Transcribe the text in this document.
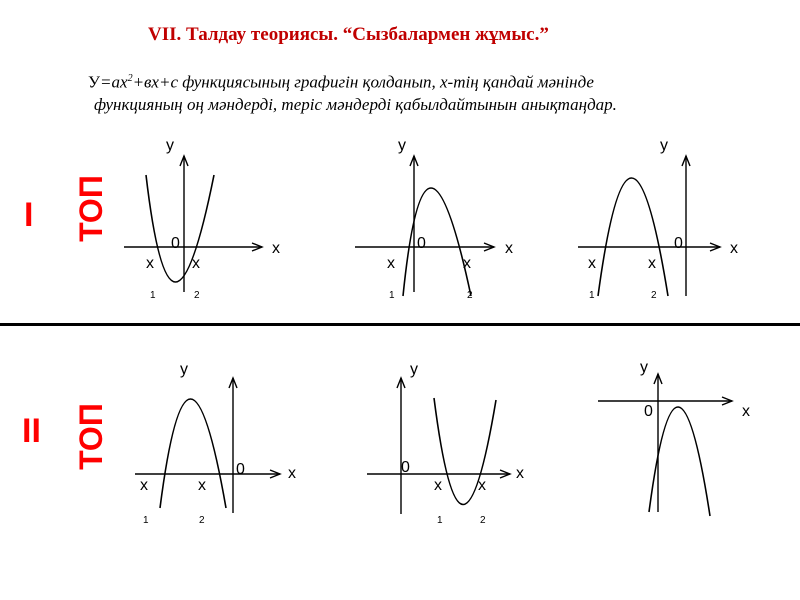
VII. Талдау теориясы. “Сызбалармен жұмыс.”
$У=ах^2+вх+с$ функциясының графигін қолданып, х-тің қандай мәнінде
функцияның оң мәндерді, теріс мәндерді қабылдайтынын анықтаңдар.
I ТОП
II ТОП
у
х
0
х х
1	2
у
х
0
х	х
1	2
у
х
0
х	х
1	2
у
х
0
х	х
1	2
у
х
0
х х
1	2
у
х
0
